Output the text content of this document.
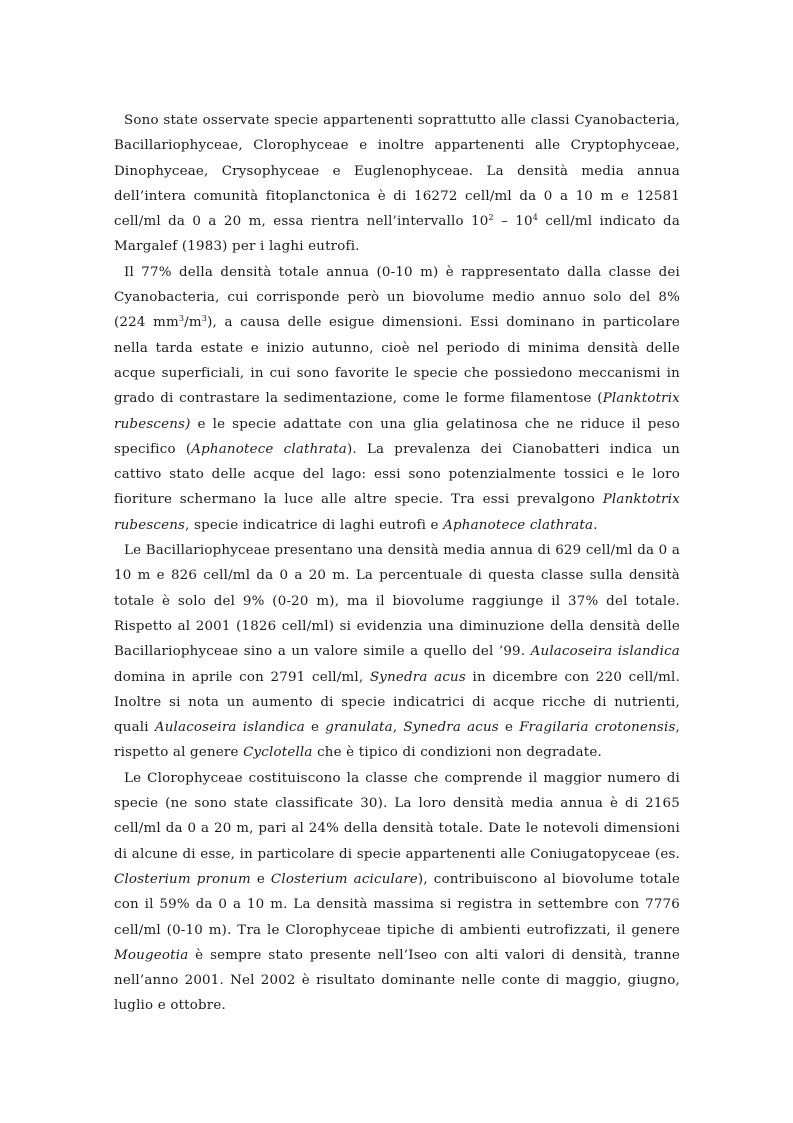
Sono state osservate specie appartenenti soprattutto alle classi Cyanobacteria, Bacillariophyceae, Clorophyceae e inoltre appartenenti alle Cryptophyceae, Dinophyceae, Crysophyceae e Euglenophyceae. La densità media annua dell’intera comunità fitoplanctonica è di 16272 cell/ml da 0 a 10 m e 12581 cell/ml da 0 a 20 m, essa rientra nell’intervallo $10^2 - 10^4$ cell/ml indicato da Margalef (1983) per i laghi eutrofi.

Il 77% della densità totale annua (0-10 m) è rappresentato dalla classe dei Cyanobacteria, cui corrisponde però un biovolume medio annuo solo del 8% (224 $mm^3/m^3$), a causa delle esigue dimensioni. Essi dominano in particolare nella tarda estate e inizio autunno, cioè nel periodo di minima densità delle acque superficiali, in cui sono favorite le specie che possiedono meccanismi in grado di contrastare la sedimentazione, come le forme filamentose (Planktotrix rubescens) e le specie adattate con una glia gelatinosa che ne riduce il peso specifico (Aphanotece clathrata). La prevalenza dei Cianobatteri indica un cattivo stato delle acque del lago: essi sono potenzialmente tossici e le loro fioriture schermano la luce alle altre specie. Tra essi prevalgono Planktotrix rubescens, specie indicatrice di laghi eutrofi e Aphanotece clathrata.

Le Bacillariophyceae presentano una densità media annua di 629 cell/ml da 0 a 10 m e 826 cell/ml da 0 a 20 m. La percentuale di questa classe sulla densità totale è solo del 9% (0-20 m), ma il biovolume raggiunge il 37% del totale. Rispetto al 2001 (1826 cell/ml) si evidenzia una diminuzione della densità delle Bacillariophyceae sino a un valore simile a quello del ’99. Aulacoseira islandica domina in aprile con 2791 cell/ml, Synedra acus in dicembre con 220 cell/ml. Inoltre si nota un aumento di specie indicatrici di acque ricche di nutrienti, quali Aulacoseira islandica e granulata, Synedra acus e Fragilaria crotonensis, rispetto al genere Cyclotella che è tipico di condizioni non degradate.

Le Clorophyceae costituiscono la classe che comprende il maggior numero di specie (ne sono state classificate 30). La loro densità media annua è di 2165 cell/ml da 0 a 20 m, pari al 24% della densità totale. Date le notevoli dimensioni di alcune di esse, in particolare di specie appartenenti alle Coniugatopyceae (es. Closterium pronum e Closterium aciculare), contribuiscono al biovolume totale con il 59% da 0 a 10 m. La densità massima si registra in settembre con 7776 cell/ml (0-10 m). Tra le Clorophyceae tipiche di ambienti eutrofizzati, il genere Mougeotia è sempre stato presente nell’Iseo con alti valori di densità, tranne nell’anno 2001. Nel 2002 è risultato dominante nelle conte di maggio, giugno, luglio e ottobre.
